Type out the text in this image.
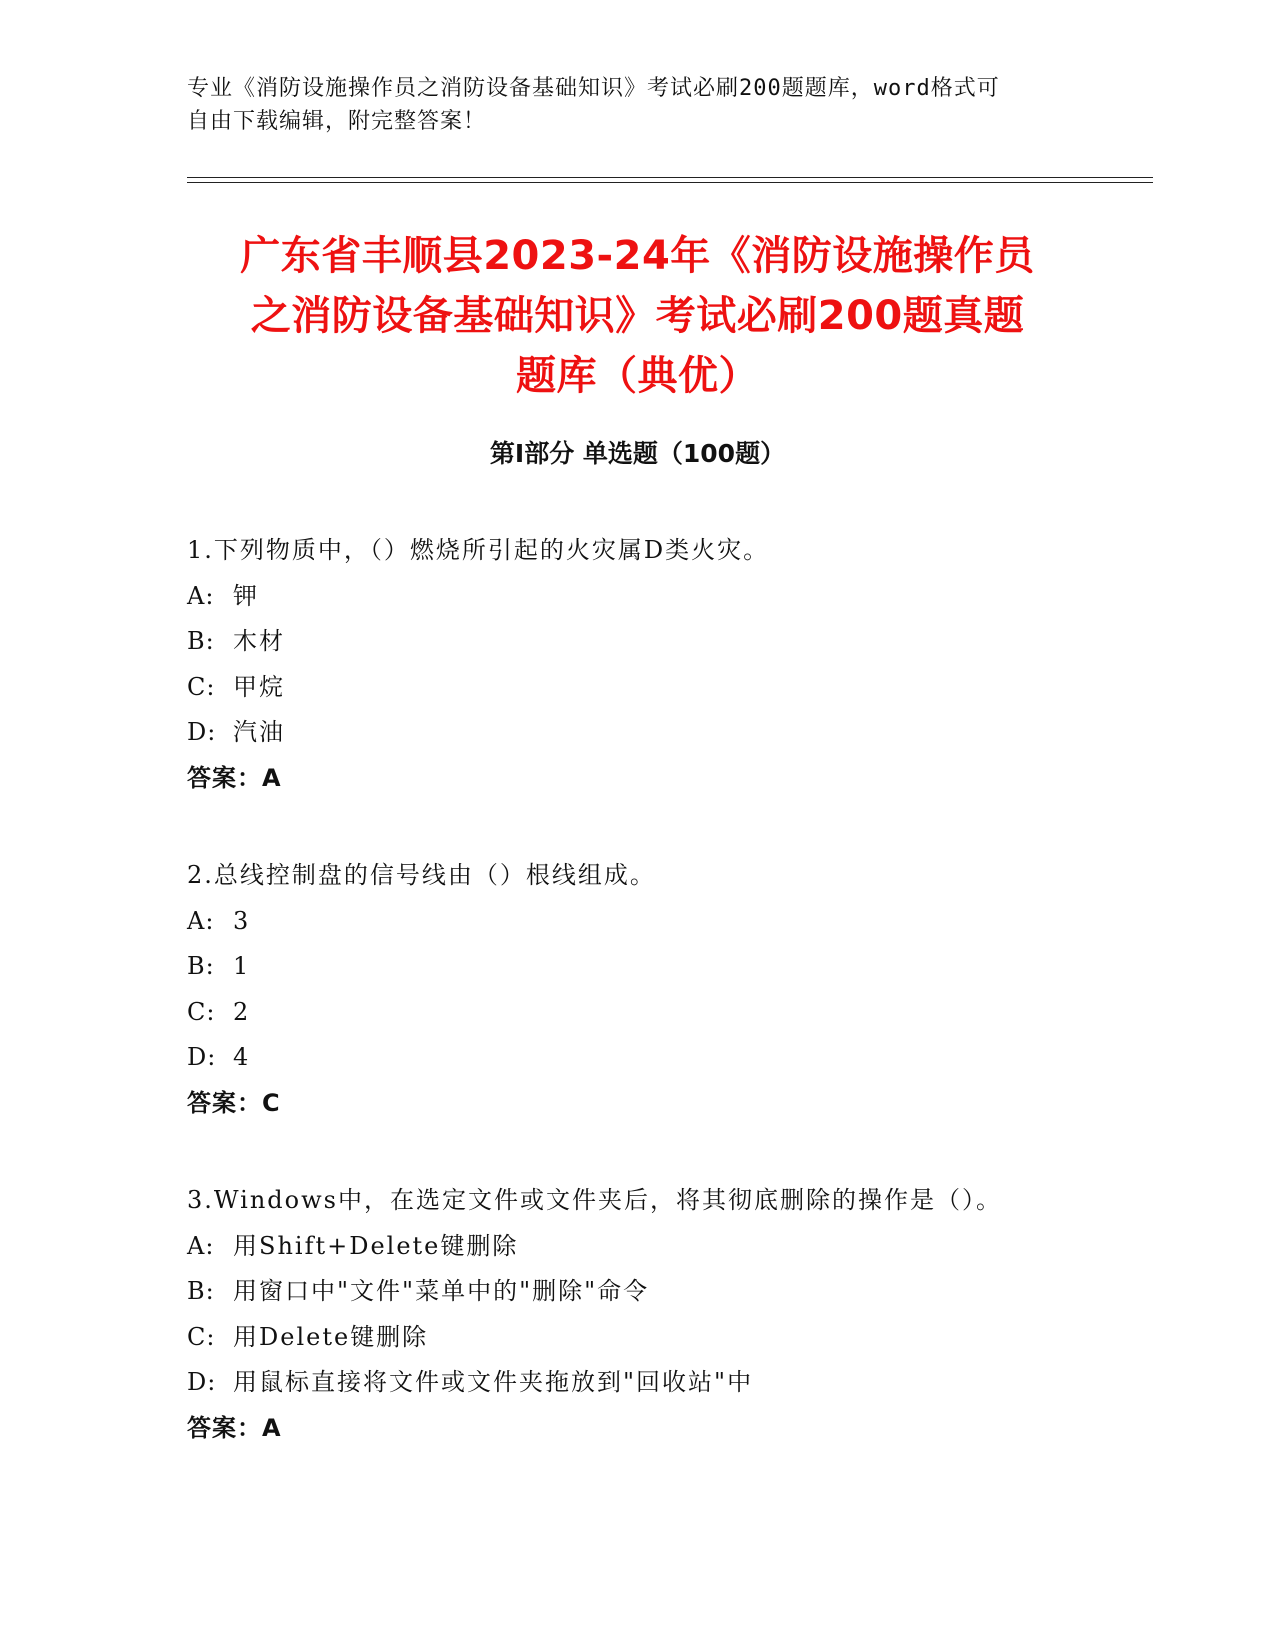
专业《消防设施操作员之消防设备基础知识》考试必刷200题题库，word格式可
自由下载编辑，附完整答案！
广东省丰顺县2023-24年《消防设施操作员
之消防设备基础知识》考试必刷200题真题
题库（典优）
第Ⅰ部分 单选题（100题）
1.下列物质中，（）燃烧所引起的火灾属D类火灾。
A: 钾
B: 木材
C: 甲烷
D: 汽油
答案：A
2.总线控制盘的信号线由（）根线组成。
A: 3
B: 1
C: 2
D: 4
答案：C
3.Windows中，在选定文件或文件夹后，将其彻底删除的操作是（）。
A: 用Shift+Delete键删除
B: 用窗口中"文件"菜单中的"删除"命令
C: 用Delete键删除
D: 用鼠标直接将文件或文件夹拖放到"回收站"中
答案：A
